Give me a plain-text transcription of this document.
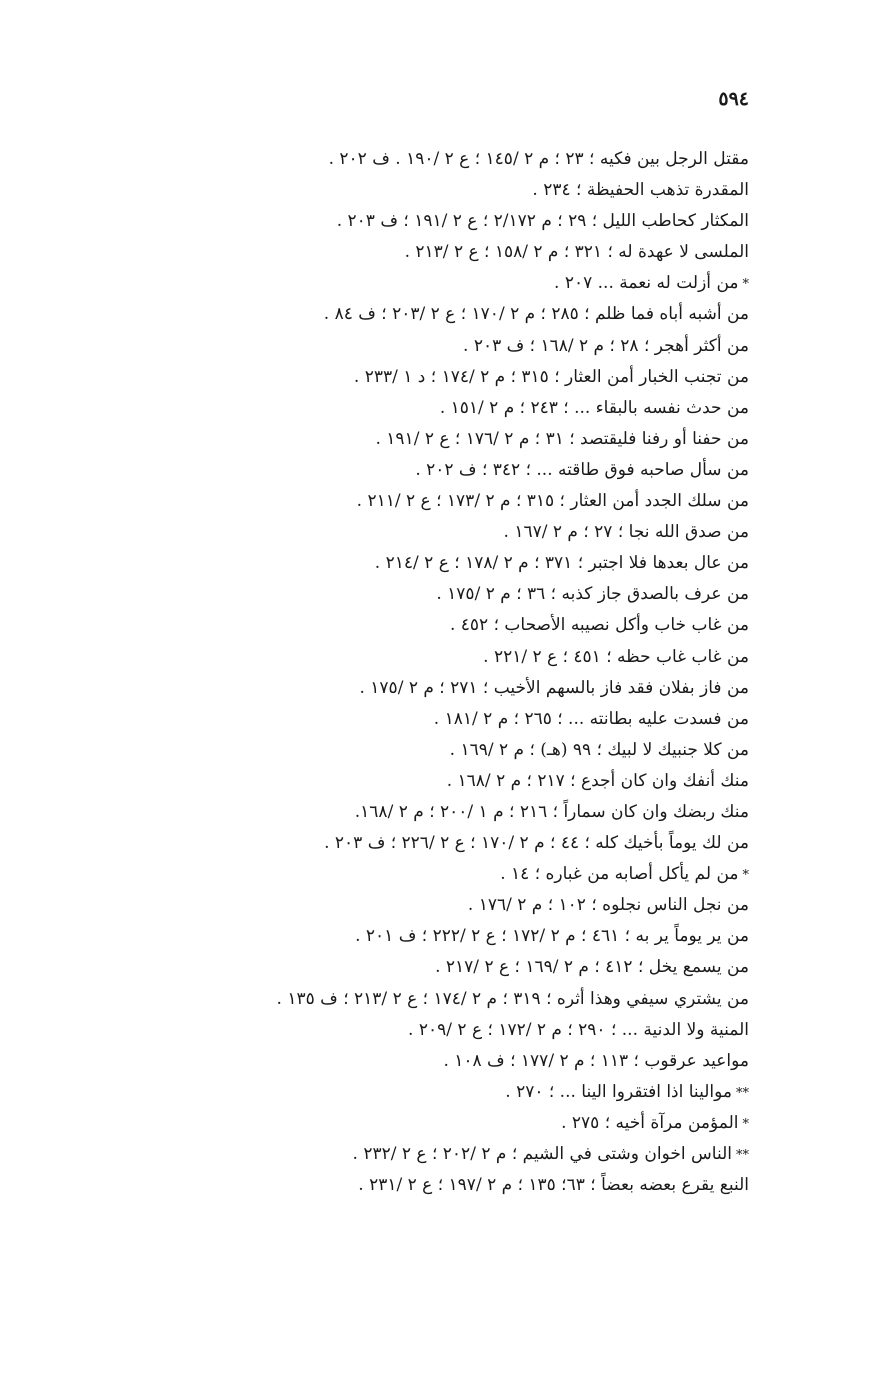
٥٩٤
مقتل الرجل بين فكيه ؛ ٢٣ ؛ م ٢ /١٤٥ ؛ ع ٢ /١٩٠ . ف ٢٠٢ .
المقدرة تذهب الحفيظة ؛ ٢٣٤ .
المكثار كحاطب الليل ؛ ٢٩ ؛ م ٢/١٧٢ ؛ ع ٢ /١٩١ ؛ ف ٢٠٣ .
الملسى لا عهدة له ؛ ٣٢١ ؛ م ٢ /١٥٨ ؛ ع ٢ /٢١٣ .
*من أزلت له نعمة ... ٢٠٧ .
من أشبه أباه فما ظلم ؛ ٢٨٥ ؛ م ٢ /١٧٠ ؛ ع ٢ /٢٠٣ ؛ ف ٨٤ .
من أكثر أهجر ؛ ٢٨ ؛ م ٢ /١٦٨ ؛ ف ٢٠٣ .
من تجنب الخبار أمن العثار ؛ ٣١٥ ؛ م ٢ /١٧٤ ؛ د ١ /٢٣٣ .
من حدث نفسه بالبقاء ... ؛ ٢٤٣ ؛ م ٢ /١٥١ .
من حفنا أو رفنا فليقتصد ؛ ٣١ ؛ م ٢ /١٧٦ ؛ ع ٢ /١٩١ .
من سأل صاحبه فوق طاقته ... ؛ ٣٤٢ ؛ ف ٢٠٢ .
من سلك الجدد أمن العثار ؛ ٣١٥ ؛ م ٢ /١٧٣ ؛ ع ٢ /٢١١ .
من صدق الله نجا ؛ ٢٧ ؛ م ٢ /١٦٧ .
من عال بعدها فلا اجتبر ؛ ٣٧١ ؛ م ٢ /١٧٨ ؛ ع ٢ /٢١٤ .
من عرف بالصدق جاز كذبه ؛ ٣٦ ؛ م ٢ /١٧٥ .
من غاب خاب وأكل نصيبه الأصحاب ؛ ٤٥٢ .
من غاب غاب حظه ؛ ٤٥١ ؛ ع ٢ /٢٢١ .
من فاز بفلان فقد فاز بالسهم الأخيب ؛ ٢٧١ ؛ م ٢ /١٧٥ .
من فسدت عليه بطانته ... ؛ ٢٦٥ ؛ م ٢ /١٨١ .
من كلا جنبيك لا لبيك ؛ ٩٩ (هـ) ؛ م ٢ /١٦٩ .
منك أنفك وان كان أجدع ؛ ٢١٧ ؛ م ٢ /١٦٨ .
منك ربضك وان كان سماراً ؛ ٢١٦ ؛ م ١ /٢٠٠ ؛ م ٢ /١٦٨.
من لك يوماً بأخيك كله ؛ ٤٤ ؛ م ٢ /١٧٠ ؛ ع ٢ /٢٢٦ ؛ ف ٢٠٣ .
*من لم يأكل أصابه من غباره ؛ ١٤ .
من نجل الناس نجلوه ؛ ١٠٢ ؛ م ٢ /١٧٦ .
من ير يوماً ير به ؛ ٤٦١ ؛ م ٢ /١٧٢ ؛ ع ٢ /٢٢٢ ؛ ف ٢٠١ .
من يسمع يخل ؛ ٤١٢ ؛ م ٢ /١٦٩ ؛ ع ٢ /٢١٧ .
من يشتري سيفي وهذا أثره ؛ ٣١٩ ؛ م ٢ /١٧٤ ؛ ع ٢ /٢١٣ ؛ ف ١٣٥ .
المنية ولا الدنية ... ؛ ٢٩٠ ؛ م ٢ /١٧٢ ؛ ع ٢ /٢٠٩ .
مواعيد عرقوب ؛ ١١٣ ؛ م ٢ /١٧٧ ؛ ف ١٠٨ .
**موالينا اذا افتقروا الينا ... ؛ ٢٧٠ .
*المؤمن مرآة أخيه ؛ ٢٧٥ .
**الناس اخوان وشتى في الشيم ؛ م ٢ /٢٠٢ ؛ ع ٢ /٢٣٢ .
النبع يقرع بعضه بعضاً ؛ ٦٣؛ ١٣٥ ؛ م ٢ /١٩٧ ؛ ع ٢ /٢٣١ .
